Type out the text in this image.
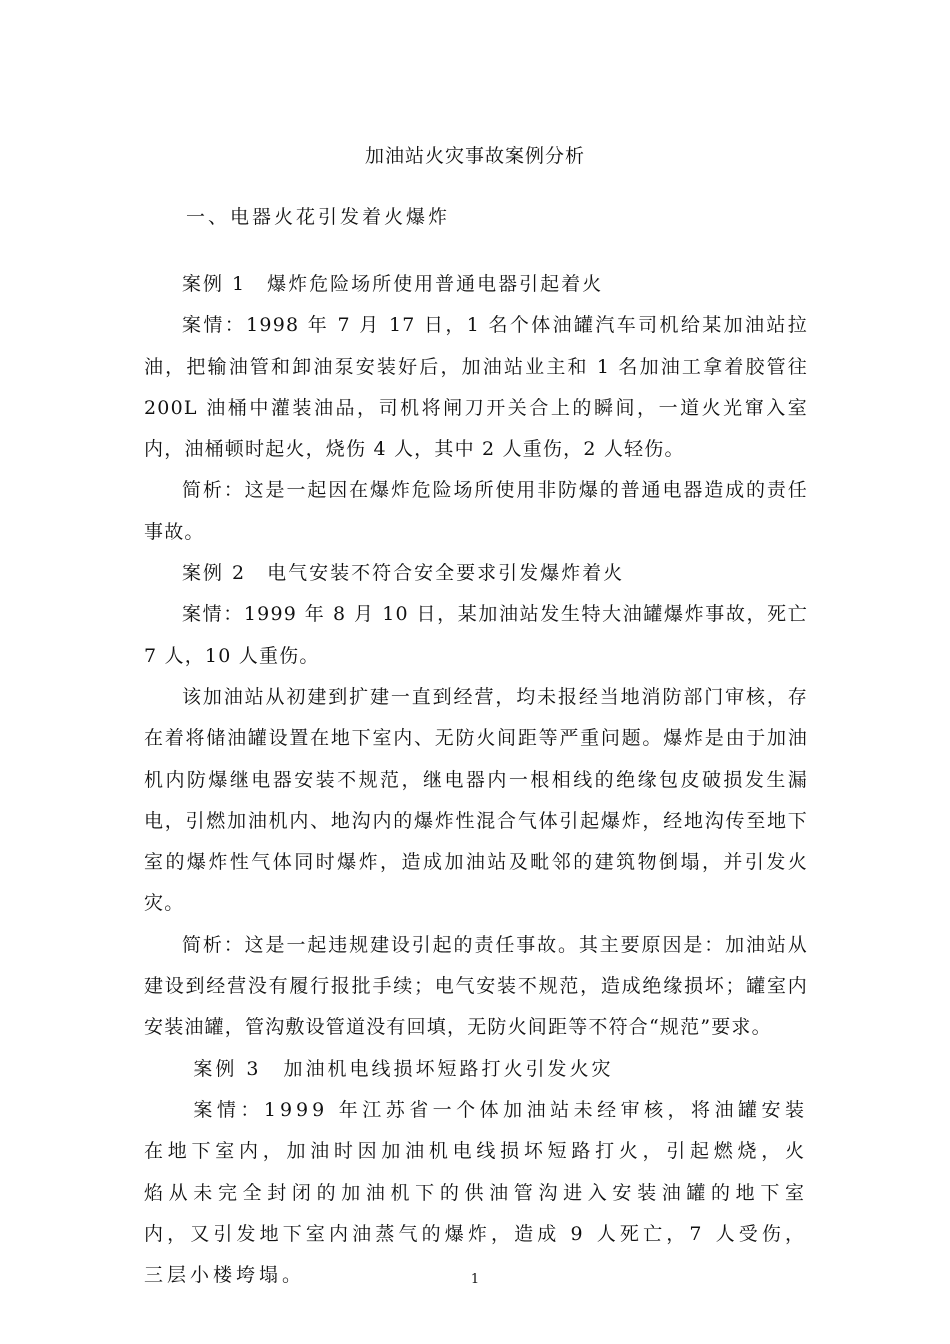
加油站火灾事故案例分析
一、电器火花引发着火爆炸

案例 1　爆炸危险场所使用普通电器引起着火

案情：1998 年 7 月 17 日，1 名个体油罐汽车司机给某加油站拉油，把输油管和卸油泵安装好后，加油站业主和 1 名加油工拿着胶管往 200L 油桶中灌装油品，司机将闸刀开关合上的瞬间，一道火光窜入室内，油桶顿时起火，烧伤 4 人，其中 2 人重伤，2 人轻伤。

简析：这是一起因在爆炸危险场所使用非防爆的普通电器造成的责任事故。

案例 2　电气安装不符合安全要求引发爆炸着火

案情：1999 年 8 月 10 日，某加油站发生特大油罐爆炸事故，死亡 7 人，10 人重伤。

该加油站从初建到扩建一直到经营，均未报经当地消防部门审核，存在着将储油罐设置在地下室内、无防火间距等严重问题。爆炸是由于加油机内防爆继电器安装不规范，继电器内一根相线的绝缘包皮破损发生漏电，引燃加油机内、地沟内的爆炸性混合气体引起爆炸，经地沟传至地下室的爆炸性气体同时爆炸，造成加油站及毗邻的建筑物倒塌，并引发火灾。

简析：这是一起违规建设引起的责任事故。其主要原因是：加油站从建设到经营没有履行报批手续；电气安装不规范，造成绝缘损坏；罐室内安装油罐，管沟敷设管道没有回填，无防火间距等不符合“规范”要求。

案例 3　加油机电线损坏短路打火引发火灾

案情：1999 年江苏省一个体加油站未经审核，将油罐安装在地下室内，加油时因加油机电线损坏短路打火，引起燃烧，火焰从未完全封闭的加油机下的供油管沟进入安装油罐的地下室内，又引发地下室内油蒸气的爆炸，造成 9 人死亡，7 人受伤，三层小楼垮塌。	1
